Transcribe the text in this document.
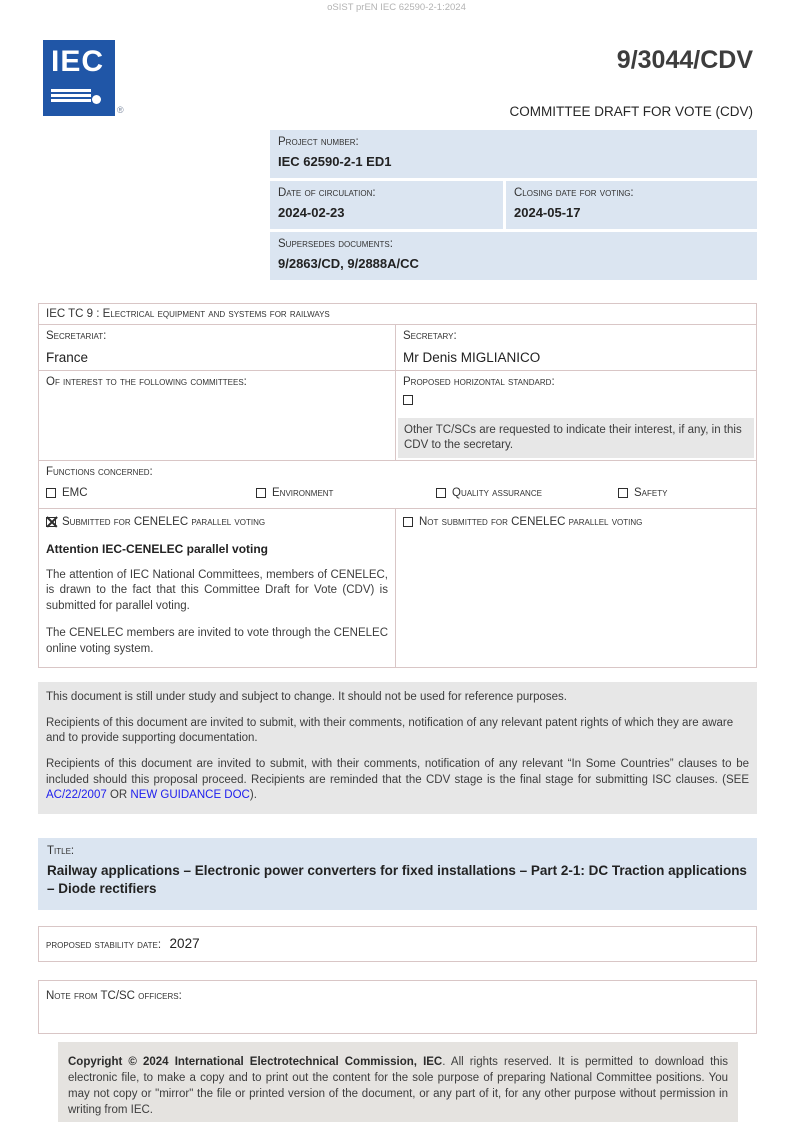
oSIST prEN IEC 62590-2-1:2024
IEC
®
9/3044/CDV
COMMITTEE DRAFT FOR VOTE (CDV)
Project number:
IEC 62590-2-1 ED1
Date of circulation:
2024-02-23
Closing date for voting:
2024-05-17
Supersedes documents:
9/2863/CD, 9/2888A/CC
IEC TC 9 : Electrical equipment and systems for railways
Secretariat:
France
Secretary:
Mr Denis MIGLIANICO
Of interest to the following committees:	Proposed horizontal standard:
Other TC/SCs are requested to indicate their interest, if any, in this CDV to the secretary.
Functions concerned:
EMC	Environment	Quality assurance	Safety
Submitted for CENELEC parallel voting
Attention IEC-CENELEC parallel voting
The attention of IEC National Committees, members of CENELEC, is drawn to the fact that this Committee Draft for Vote (CDV) is submitted for parallel voting.
The CENELEC members are invited to vote through the CENELEC online voting system.
Not submitted for CENELEC parallel voting

This document is still under study and subject to change. It should not be used for reference purposes.

Recipients of this document are invited to submit, with their comments, notification of any relevant patent rights of which they are aware and to provide supporting documentation.

Recipients of this document are invited to submit, with their comments, notification of any relevant “In Some Countries” clauses to be included should this proposal proceed. Recipients are reminded that the CDV stage is the final stage for submitting ISC clauses. (SEE AC/22/2007 OR NEW GUIDANCE DOC).

Title:
Railway applications – Electronic power converters for fixed installations – Part 2-1: DC Traction applications – Diode rectifiers
proposed stability date: 2027
Note from TC/SC officers:
Copyright © 2024 International Electrotechnical Commission, IEC. All rights reserved. It is permitted to download this electronic file, to make a copy and to print out the content for the sole purpose of preparing National Committee positions. You may not copy or "mirror" the file or printed version of the document, or any part of it, for any other purpose without permission in writing from IEC.
